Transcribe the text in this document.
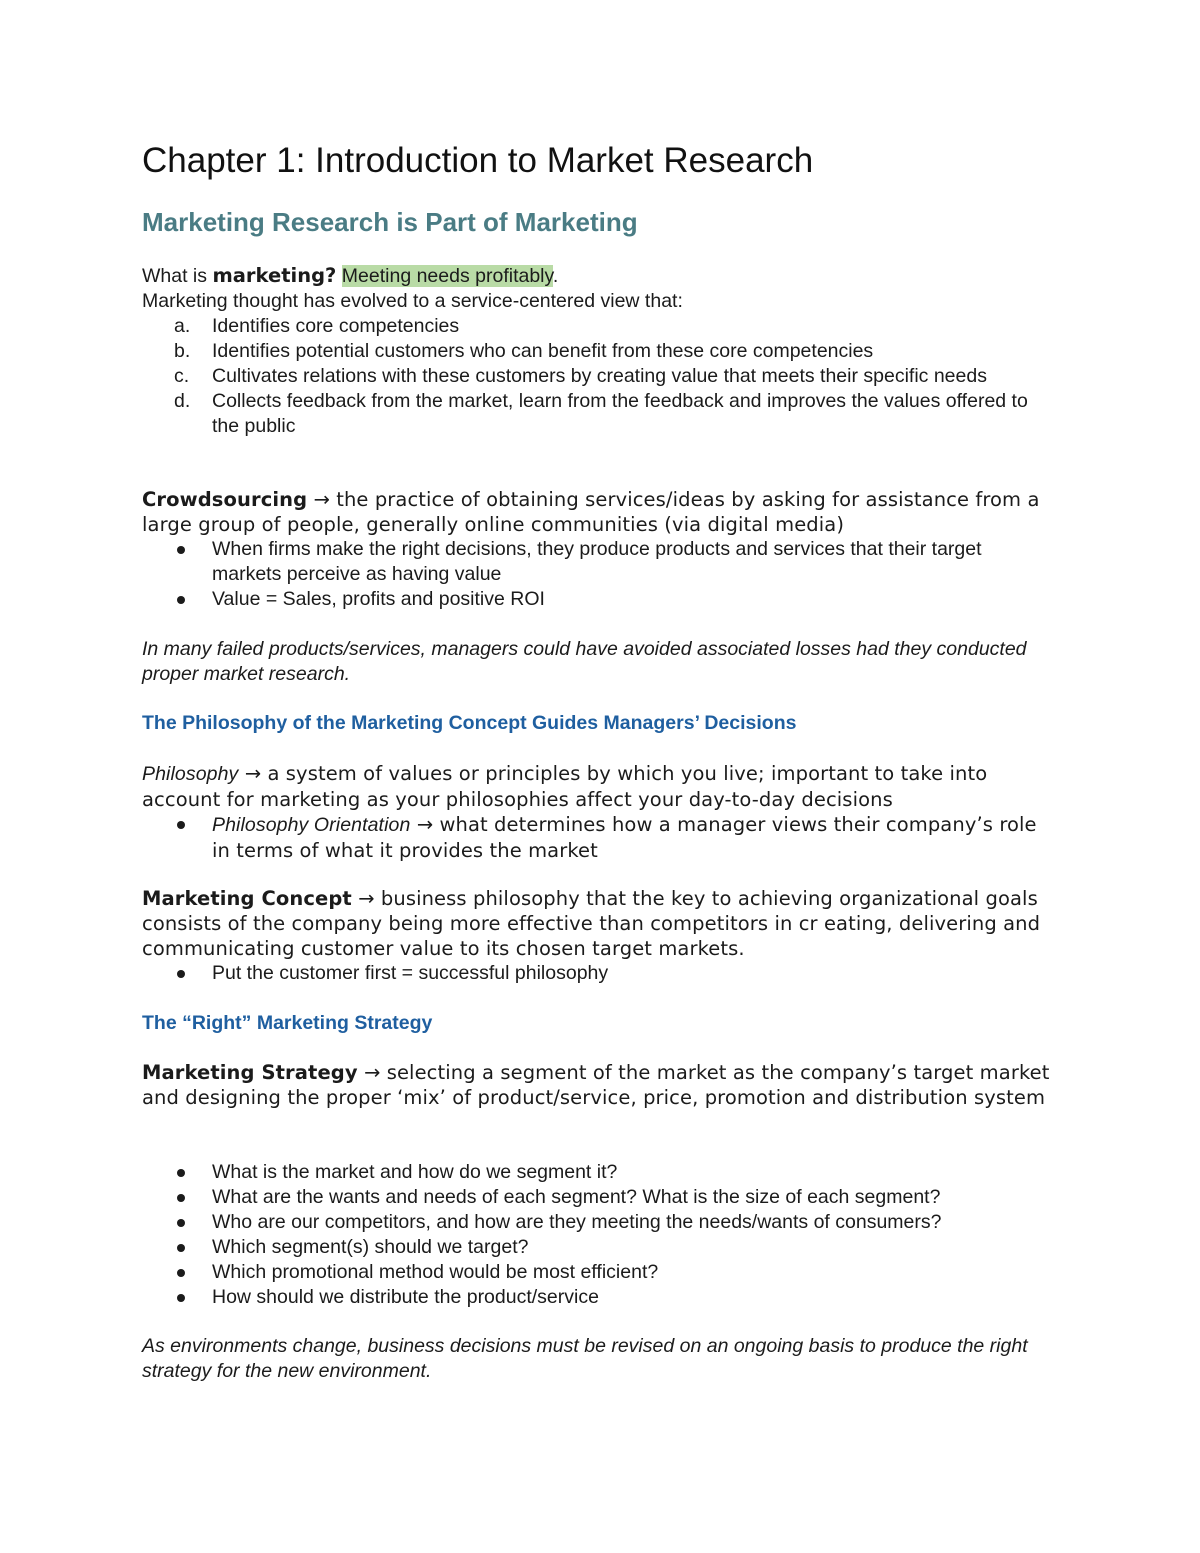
Chapter 1: Introduction to Market Research
Marketing Research is Part of Marketing
What is marketing? Meeting needs profitably.
Marketing thought has evolved to a service-centered view that:
a. Identifies core competencies
b. Identifies potential customers who can benefit from these core competencies
c. Cultivates relations with these customers by creating value that meets their specific needs
d. Collects feedback from the market, learn from the feedback and improves the values offered to the public
Crowdsourcing → the practice of obtaining services/ideas by asking for assistance from a large group of people, generally online communities (via digital media)
When firms make the right decisions, they produce products and services that their target markets perceive as having value
Value = Sales, profits and positive ROI
In many failed products/services, managers could have avoided associated losses had they conducted proper market research.
The Philosophy of the Marketing Concept Guides Managers’ Decisions
Philosophy → a system of values or principles by which you live; important to take into account for marketing as your philosophies affect your day-to-day decisions
Philosophy Orientation → what determines how a manager views their company’s role in terms of what it provides the market
Marketing Concept → business philosophy that the key to achieving organizational goals consists of the company being more effective than competitors in cr eating, delivering and communicating customer value to its chosen target markets.
Put the customer first = successful philosophy
The “Right” Marketing Strategy
Marketing Strategy → selecting a segment of the market as the company’s target market and designing the proper ‘mix’ of product/service, price, promotion and distribution system
What is the market and how do we segment it?
What are the wants and needs of each segment? What is the size of each segment?
Who are our competitors, and how are they meeting the needs/wants of consumers?
Which segment(s) should we target?
Which promotional method would be most efficient?
How should we distribute the product/service
As environments change, business decisions must be revised on an ongoing basis to produce the right strategy for the new environment.
